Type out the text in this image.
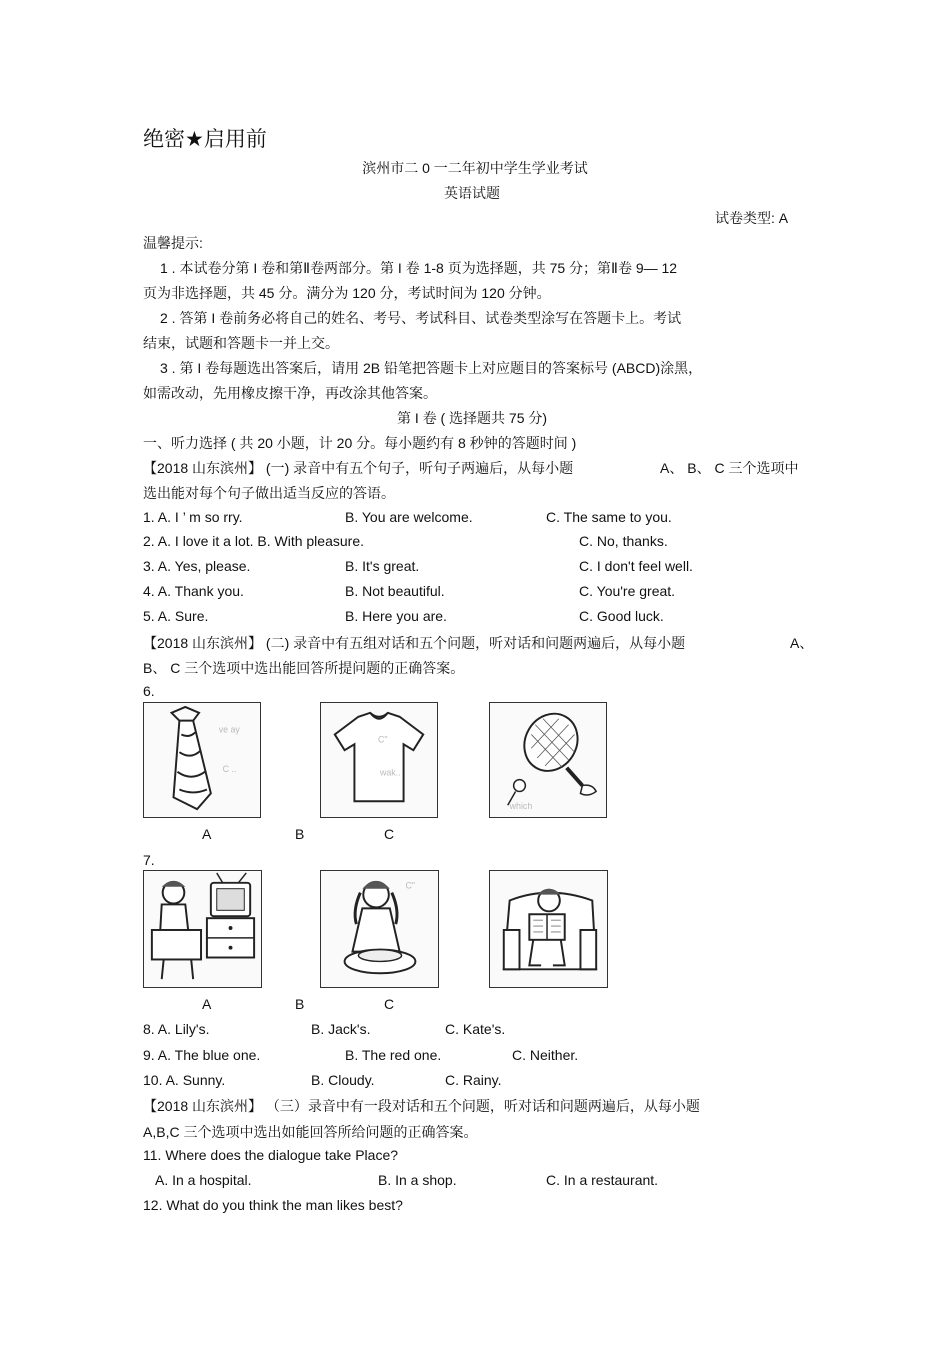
绝密★启用前
滨州市二 0 一二年初中学生学业考试
英语试题
试卷类型: A
温馨提示:
1 . 本试卷分第 I 卷和第Ⅱ卷两部分。第 I 卷 1-8 页为选择题，共 75 分；第Ⅱ卷 9— 12
页为非选择题，共 45 分。满分为 120 分，考试时间为 120 分钟。
2 . 答第 I 卷前务必将自己的姓名、考号、考试科目、试卷类型涂写在答题卡上。考试
结束，试题和答题卡一并上交。
3 . 第 I 卷每题选出答案后，请用 2B 铅笔把答题卡上对应题目的答案标号 (ABCD)涂黑，
如需改动，先用橡皮擦干净，再改涂其他答案。
第 I 卷 ( 选择题共 75 分)
一、听力选择 ( 共 20 小题，计 20 分。每小题约有 8 秒钟的答题时间 )
【2018 山东滨州】 (一) 录音中有五个句子，听句子两遍后，从每小题	A、 B、 C 三个选项中
选出能对每个句子做出适当反应的答语。
1. A. I ’ m so rry.	B. You are welcome.	C. The same to you.
2. A. I love it a lot. B. With pleasure.	C. No, thanks.
3. A. Yes, please.	B. It's great.	C. I don't feel well.
4. A. Thank you.	B. Not beautiful.	C. You're great.
5. A. Sure.	B. Here you are.	C. Good luck.
【2018 山东滨州】 (二) 录音中有五组对话和五个问题，听对话和问题两遍后，从每小题	A、
B、 C 三个选项中选出能回答所提问题的正确答案。
6.
ve ay
C ..
C"
wak..
which
A	B	C
7.
C"
A	B	C
8. A. Lily's.	B. Jack's.	C. Kate's.
9. A. The blue one.	B. The red one.	C. Neither.
10. A. Sunny.	B. Cloudy.	C. Rainy.
【2018 山东滨州】 （三）录音中有一段对话和五个问题，听对话和问题两遍后，从每小题
A,B,C 三个选项中选出如能回答所给问题的正确答案。
11. Where does the dialogue take Place?
A. In a hospital.	B. In a shop.	C. In a restaurant.
12. What do you think the man likes best?
